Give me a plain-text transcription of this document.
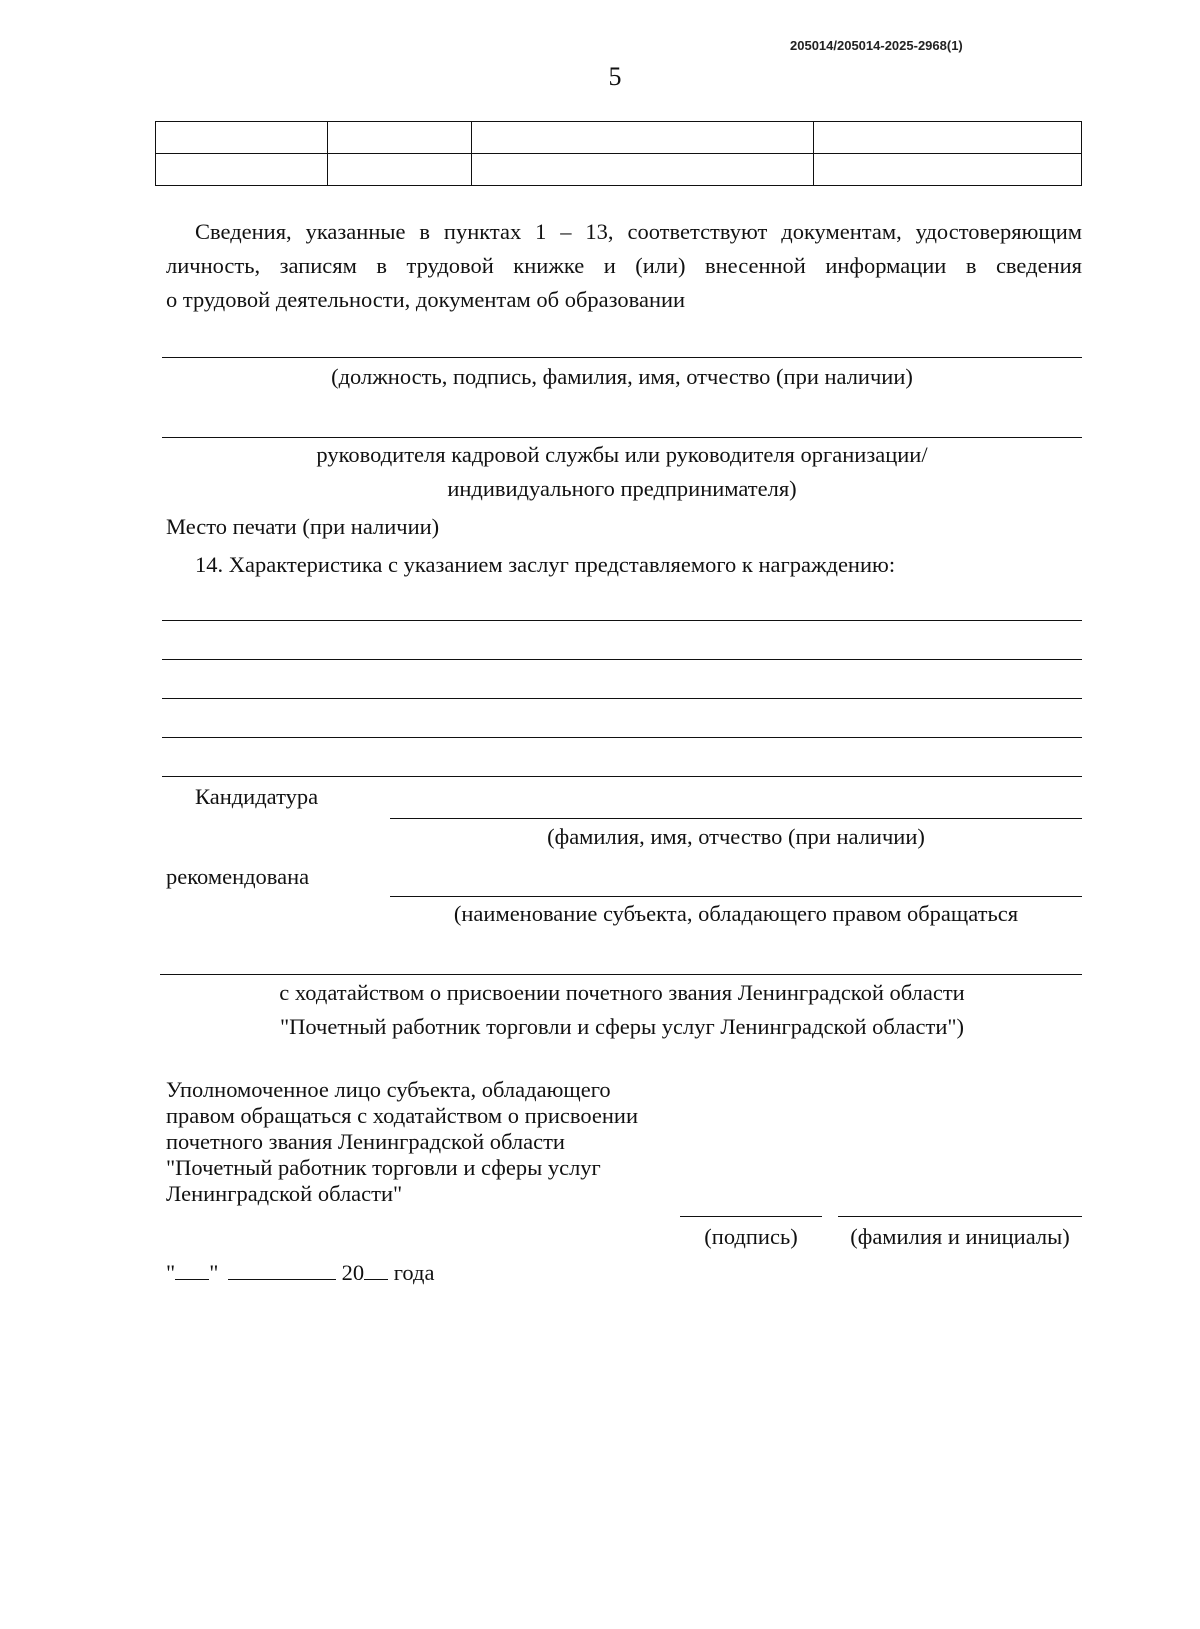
205014/205014-2025-2968(1)
5

Сведения, указанные в пунктах 1 – 13, соответствуют документам, удостоверяющим
личность, записям в трудовой книжке и (или) внесенной информации в сведения
о трудовой деятельности, документам об образовании
(должность, подпись, фамилия, имя, отчество (при наличии)
руководителя кадровой службы или руководителя организации/
индивидуального предпринимателя)
Место печати (при наличии)
14. Характеристика с указанием заслуг представляемого к награждению:
Кандидатура
(фамилия, имя, отчество (при наличии)
рекомендована
(наименование субъекта, обладающего правом обращаться
с ходатайством о присвоении почетного звания Ленинградской области
"Почетный работник торговли и сферы услуг Ленинградской области")
Уполномоченное лицо субъекта, обладающего
правом обращаться с ходатайством о присвоении
почетного звания Ленинградской области
"Почетный работник торговли и сферы услуг
Ленинградской области"
(подпись)	(фамилия и инициалы)
" "	20 года
